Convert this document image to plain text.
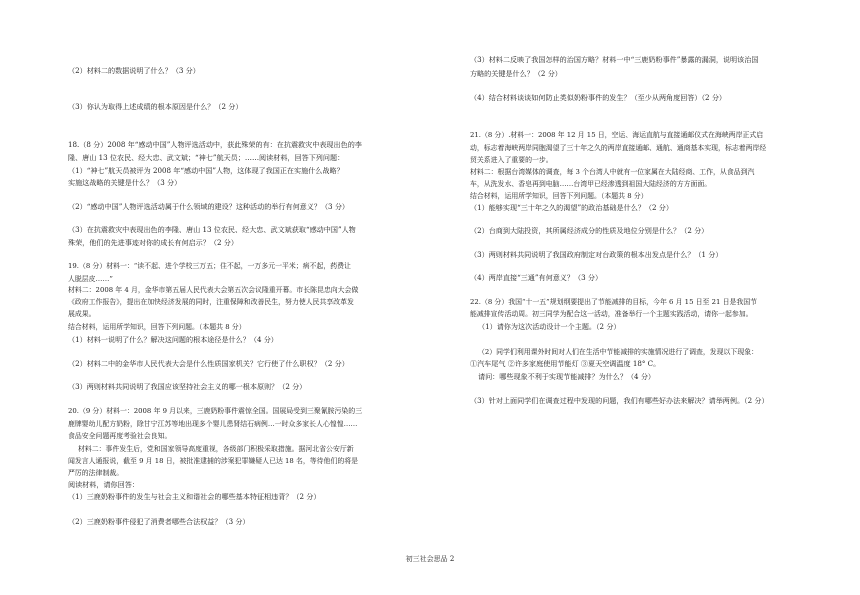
（2）材料二的数据说明了什么？（3 分）
（3）你认为取得上述成绩的根本原因是什么？（2 分）
18.（8 分）2008 年“感动中国”人物评选活动中，获此殊荣的有：在抗震救灾中表现出色的李
隆、唐山 13 位农民、经大忠、武文斌；“神七”航天员；……阅读材料，回答下列问题：
（1）“神七”航天员被评为 2008 年“感动中国”人物，这体现了我国正在实施什么战略？
实施这战略的关键是什么？（3 分）
（2）“感动中国”人物评选活动属于什么领域的建设？这种活动的举行有何意义？（3 分）
（3）在抗震救灾中表现出色的李隆、唐山 13 位农民、经大忠、武文斌获取“感动中国”人物
殊荣，他们的先进事迹对你的成长有何启示？（2 分）
19.（8 分）材料一：“读不起、进个学校三万五；住不起，一万多元一平米；病不起，药费让
人脱层皮……”
材料二：2008 年 4 月，金华市第五届人民代表大会第五次会议隆重开幕。市长陈昆忠向大会做
《政府工作报告》，提出在加快经济发展的同时，注重保障和改善民生，努力使人民共享改革发
展成果。
结合材料，运用所学知识，回答下列问题。（本题共 8 分）
（1）材料一说明了什么？解决这问题的根本途径是什么？（4 分）
（2）材料二中的金华市人民代表大会是什么性质国家机关？它行使了什么职权？（2 分）
（3）两则材料共同说明了我国应该坚持社会主义的哪一根本原则？（2 分）
20.（9 分）材料一：2008 年 9 月以来，三鹿奶粉事件震惊全国。国展局受到三聚氰胺污染的三
鹿牌婴幼儿配方奶粉，除甘宁江苏等地出现多个婴儿患肾结石病例…一时众多家长人心惶惶……
食品安全问题再度考验社会良知。
材料二：事件发生后，党和国家领导高度重视，各级部门积极采取措施。据河北省公安厅新
闻发言人通报说，截至 9 月 18 日，被批准逮捕的涉案犯罪嫌疑人已达 18 名，等待他们的将是
严厉的法律制裁。
阅读材料，请你回答：
（1）三鹿奶粉事件的发生与社会主义和谐社会的哪些基本特征相违背？（2 分）
（2）三鹿奶粉事件侵犯了消费者哪些合法权益？（3 分）
（3）材料二反映了我国怎样的治国方略？材料一中“三鹿奶粉事件”暴露的漏洞，说明该治国
方略的关键是什么？（2 分）
（4）结合材料谈谈如何防止类似奶粉事件的发生？（至少从两角度回答）（2 分）
21.（8 分）.材料一：2008 年 12 月 15 日，空运、海运直航与直接通邮仪式在海峡两岸正式启
动，标志着海峡两岸同胞渴望了三十年之久的两岸直接通邮、通航、通商基本实现，标志着两岸经
贸关系进入了重要的一步。
材料二：根据台湾媒体的调查，每 3 个台湾人中就有一位家属在大陆经商、工作，从食品到汽
车，从洗发水、香皂再到电脑……台湾甲已经渗透到祖国大陆经济的方方面面。
结合材料，运用所学知识，回答下列问题。（本题共 8 分）
（1）能够实现“三十年之久的渴望”的政治基础是什么？（2 分）
（2）台商到大陆投资，其所属经济成分的性质及地位分别是什么？（2 分）
（3）两则材料共同说明了我国政府制定对台政策的根本出发点是什么？（1 分）
（4）两岸直接“三通”有何意义？（3 分）
22.（8 分）我国“十一五”规划纲要提出了节能减排的目标，今年 6 月 15 日至 21 日是我国节
能减排宣传活动周。初三同学为配合这一活动，准备举行一个主题实践活动，请你一起参加。
（1）请你为这次活动设计一个主题。（2 分）
（2）同学们利用课外时间对人们在生活中节能减排的实施情况进行了调查，发现以下现象：
①汽车尾气 ②许多家庭使用节能灯 ③夏天空调温度 18° C。
请问：哪些现象不利于实现节能减排？为什么？（4 分）
（3）针对上面同学们在调查过程中发现的问题，我们有哪些好办法来解决？请举两例。（2 分）
初三社会思品 2
